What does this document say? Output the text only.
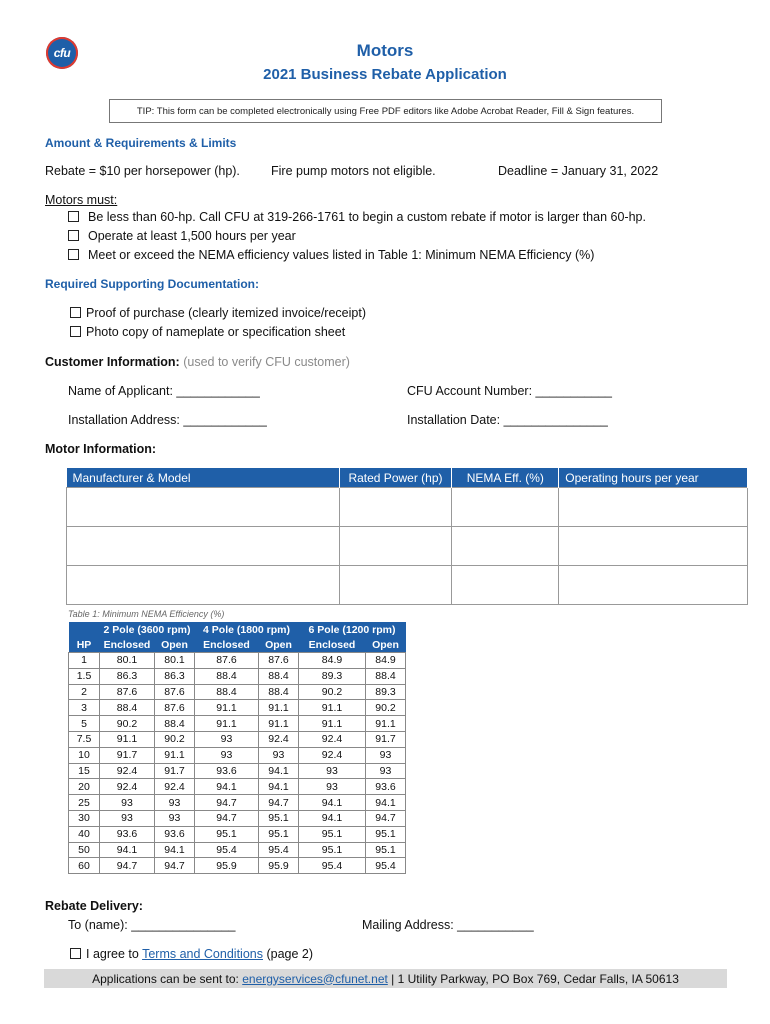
cfu	Motors
2021 Business Rebate Application
TIP: This form can be completed electronically using Free PDF editors like Adobe Acrobat Reader, Fill & Sign features.
Amount & Requirements & Limits
Rebate = $10 per horsepower (hp). Fire pump motors not eligible.	Deadline = January 31, 2022
Motors must:
Be less than 60-hp. Call CFU at 319-266-1761 to begin a custom rebate if motor is larger than 60-hp.
Operate at least 1,500 hours per year
Meet or exceed the NEMA efficiency values listed in Table 1: Minimum NEMA Efficiency (%)
Required Supporting Documentation:
Proof of purchase (clearly itemized invoice/receipt)
Photo copy of nameplate or specification sheet
Customer Information: (used to verify CFU customer)
Name of Applicant: ____________	CFU Account Number: ___________
Installation Address: ____________	Installation Date: _______________
Motor Information:
Manufacturer & Model	Rated Power (hp)	NEMA Eff. (%)	Operating hours per year

Table 1: Minimum NEMA Efficiency (%)
	2 Pole (3600 rpm)		4 Pole (1800 rpm)		6 Pole (1200 rpm)	
HP	Enclosed	Open	Enclosed	Open	Enclosed	Open
1	80.1	80.1	87.6	87.6	84.9	84.9
1.5	86.3	86.3	88.4	88.4	89.3	88.4
2	87.6	87.6	88.4	88.4	90.2	89.3
3	88.4	87.6	91.1	91.1	91.1	90.2
5	90.2	88.4	91.1	91.1	91.1	91.1
7.5	91.1	90.2	93	92.4	92.4	91.7
10	91.7	91.1	93	93	92.4	93
15	92.4	91.7	93.6	94.1	93	93
20	92.4	92.4	94.1	94.1	93	93.6
25	93	93	94.7	94.7	94.1	94.1
30	93	93	94.7	95.1	94.1	94.7
40	93.6	93.6	95.1	95.1	95.1	95.1
50	94.1	94.1	95.4	95.4	95.1	95.1
60	94.7	94.7	95.9	95.9	95.4	95.4
Rebate Delivery:
To (name): _______________	Mailing Address: ___________
I agree to Terms and Conditions (page 2)
Applications can be sent to:
energyservices@cfunet.net
| 1 Utility Parkway, PO Box 769, Cedar Falls, IA 50613
